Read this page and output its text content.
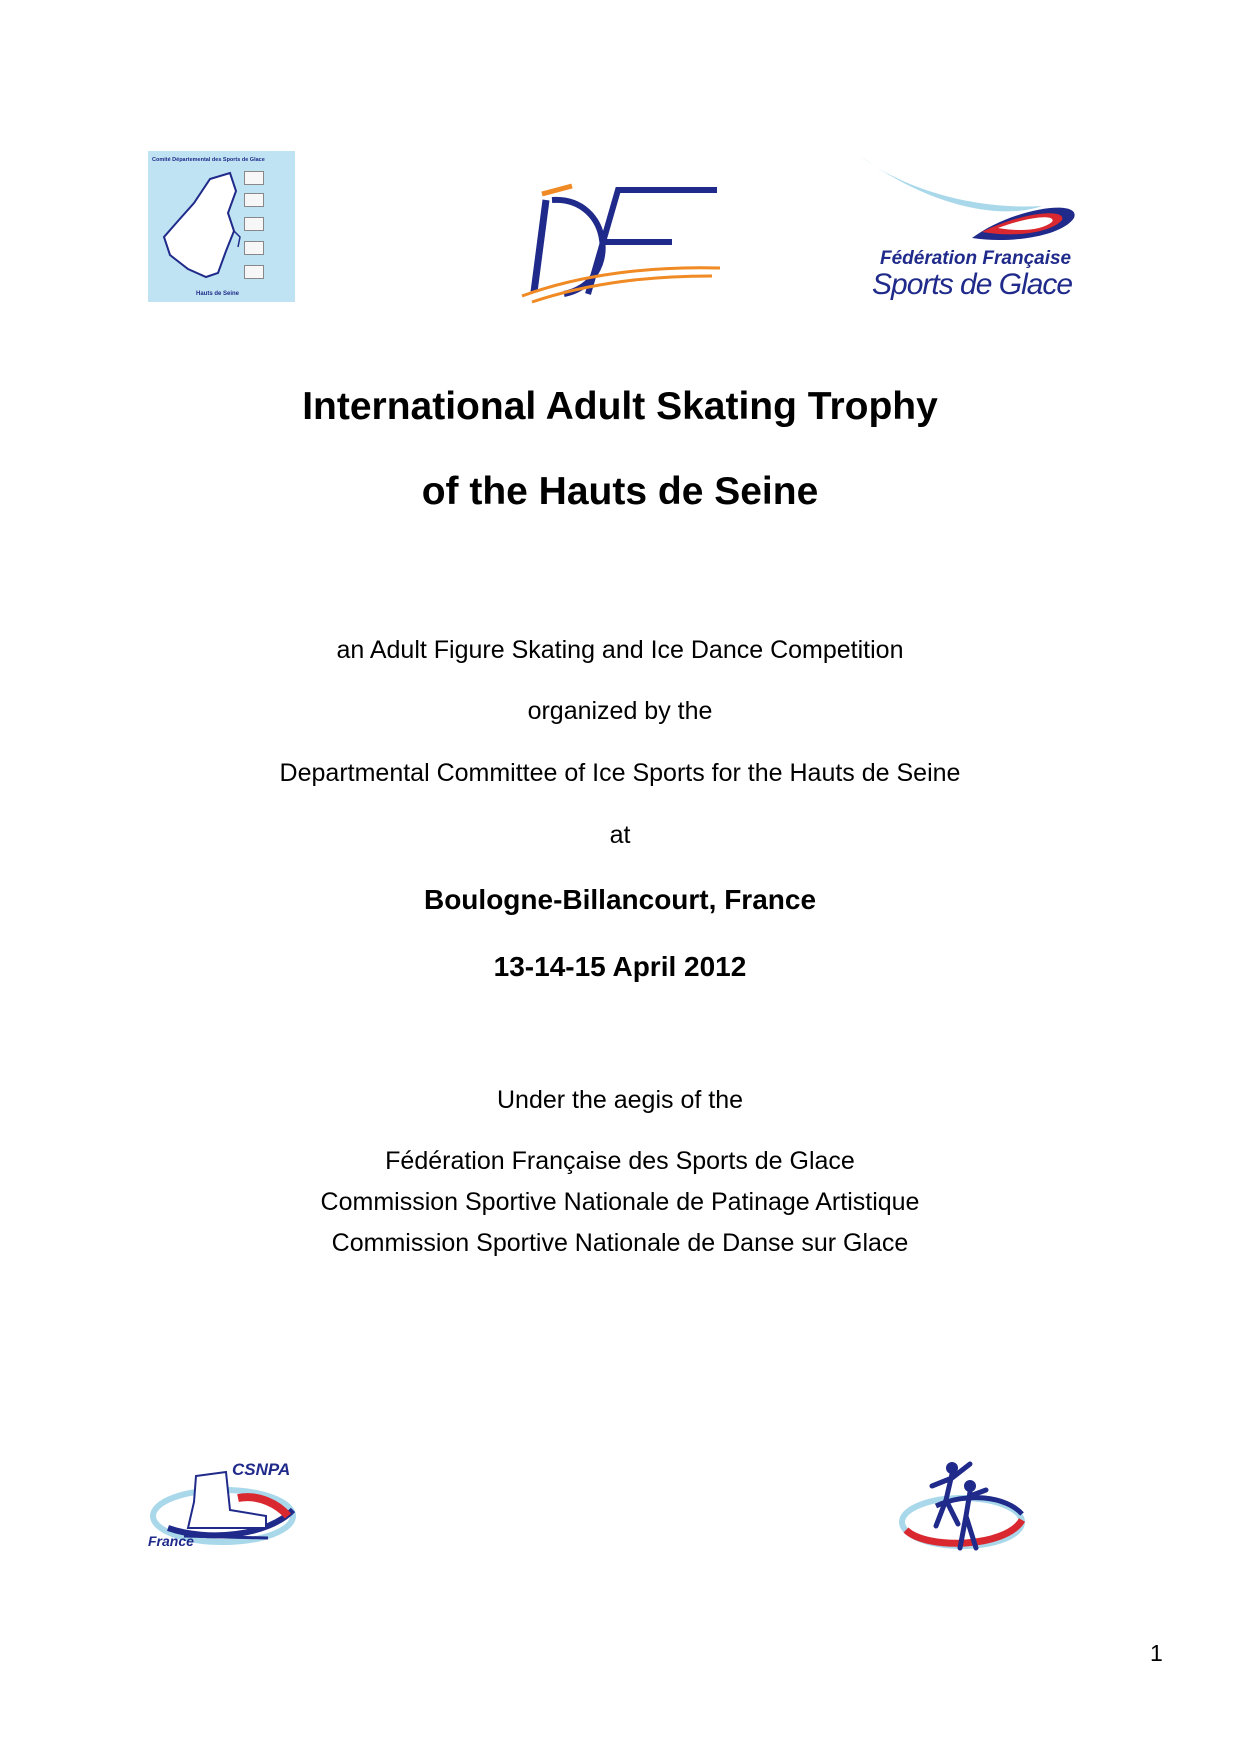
Comité Départemental des Sports de Glace
Hauts de Seine
Fédération Française
Sports de Glace
International Adult Skating Trophy
of the Hauts de Seine
an Adult Figure Skating and Ice Dance Competition
organized by the
Departmental Committee of Ice Sports for the Hauts de Seine
at
Boulogne-Billancourt, France
13-14-15 April 2012
Under the aegis of the
Fédération Française des Sports de Glace
Commission Sportive Nationale de Patinage Artistique
Commission Sportive Nationale de Danse sur Glace
CSNPA
France
1
